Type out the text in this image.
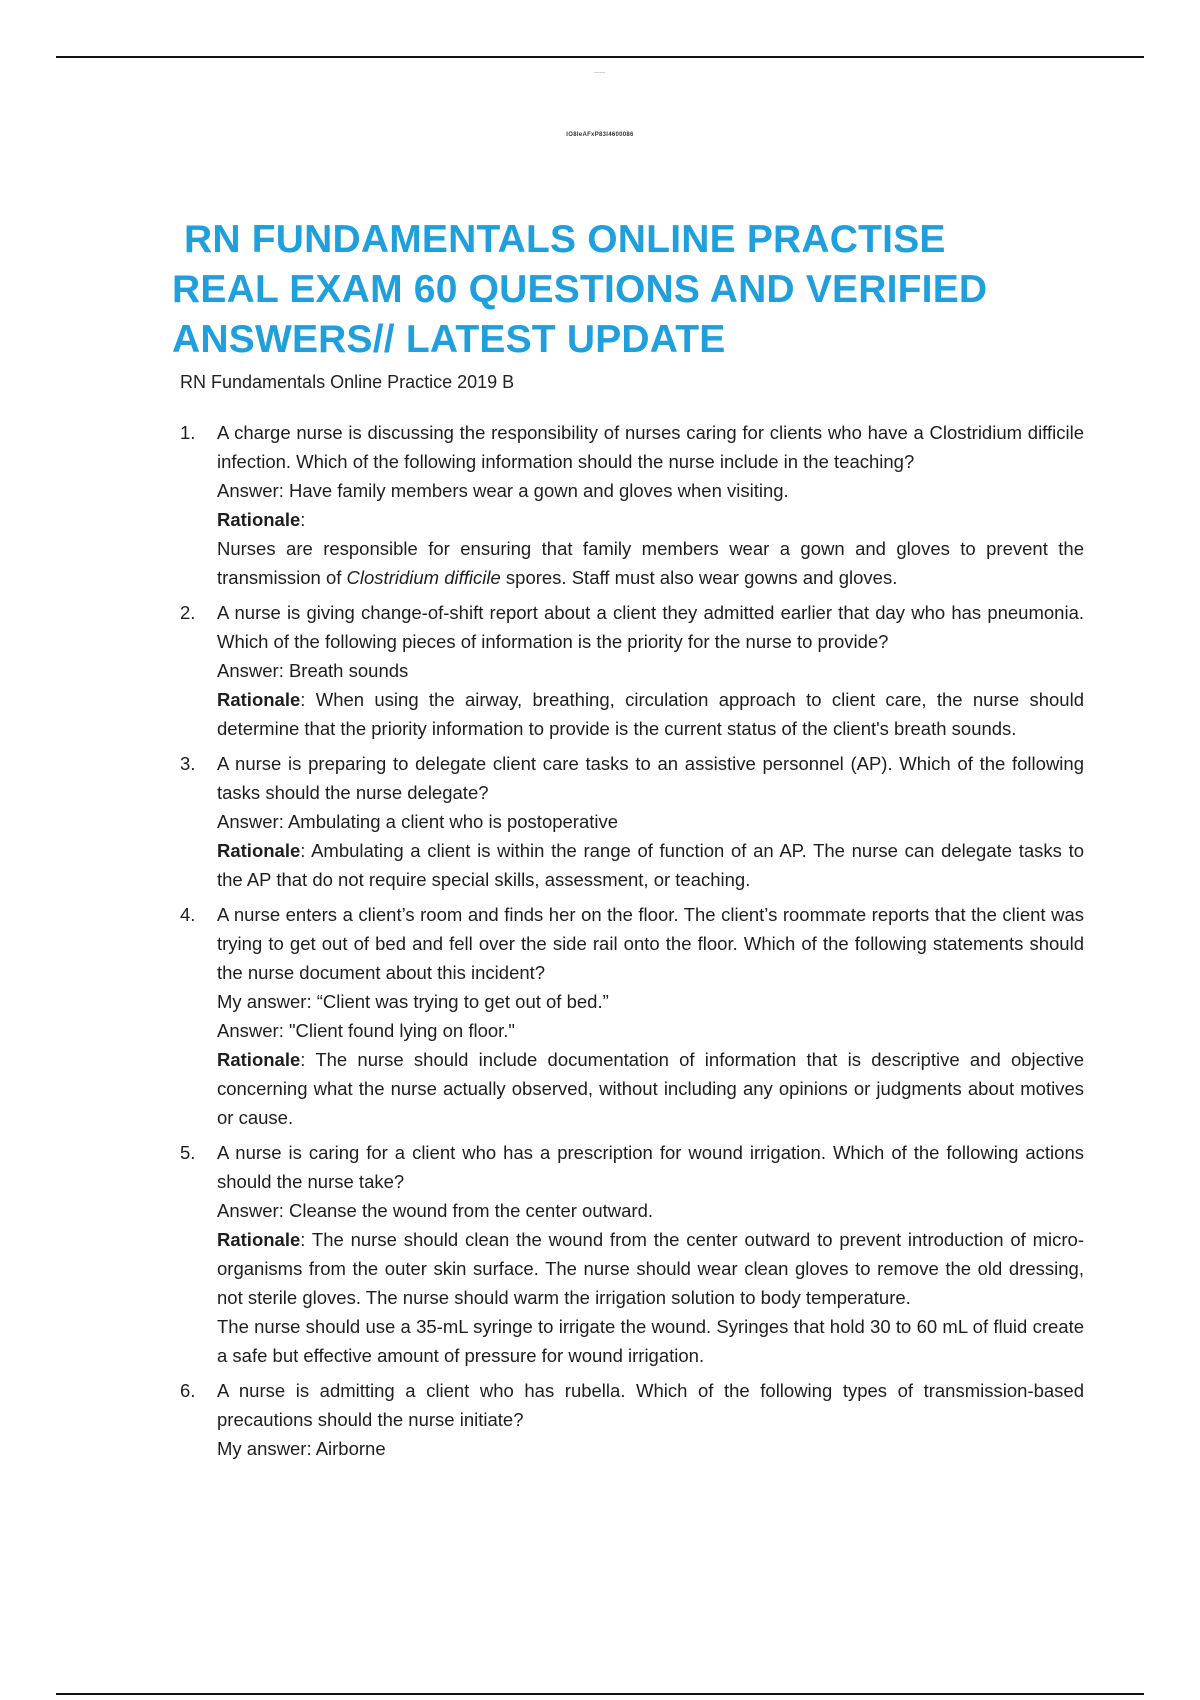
——
IO8IeAFxP83I4600086
RN FUNDAMENTALS ONLINE PRACTISE
REAL EXAM 60 QUESTIONS AND VERIFIED
ANSWERS// LATEST UPDATE
RN Fundamentals Online Practice 2019 B
1. A charge nurse is discussing the responsibility of nurses caring for clients who have a Clostridium difficile infection. Which of the following information should the nurse include in the teaching?

Answer: Have family members wear a gown and gloves when visiting.

Rationale:

Nurses are responsible for ensuring that family members wear a gown and gloves to prevent the transmission of Clostridium difficile spores. Staff must also wear gowns and gloves.

2. A nurse is giving change-of-shift report about a client they admitted earlier that day who has pneumonia. Which of the following pieces of information is the priority for the nurse to provide?

Answer: Breath sounds

Rationale: When using the airway, breathing, circulation approach to client care, the nurse should determine that the priority information to provide is the current status of the client's breath sounds.

3. A nurse is preparing to delegate client care tasks to an assistive personnel (AP). Which of the following tasks should the nurse delegate?

Answer: Ambulating a client who is postoperative

Rationale: Ambulating a client is within the range of function of an AP. The nurse can delegate tasks to the AP that do not require special skills, assessment, or teaching.

4. A nurse enters a client’s room and finds her on the floor. The client’s roommate reports that the client was trying to get out of bed and fell over the side rail onto the floor. Which of the following statements should the nurse document about this incident?

My answer: “Client was trying to get out of bed.”

Answer: "Client found lying on floor."

Rationale: The nurse should include documentation of information that is descriptive and objective concerning what the nurse actually observed, without including any opinions or judgments about motives or cause.

5. A nurse is caring for a client who has a prescription for wound irrigation. Which of the following actions should the nurse take?

Answer: Cleanse the wound from the center outward.

Rationale: The nurse should clean the wound from the center outward to prevent introduction of micro-organisms from the outer skin surface. The nurse should wear clean gloves to remove the old dressing, not sterile gloves. The nurse should warm the irrigation solution to body temperature.

The nurse should use a 35-mL syringe to irrigate the wound. Syringes that hold 30 to 60 mL of fluid create a safe but effective amount of pressure for wound irrigation.

6. A nurse is admitting a client who has rubella. Which of the following types of transmission-based precautions should the nurse initiate?

My answer: Airborne
